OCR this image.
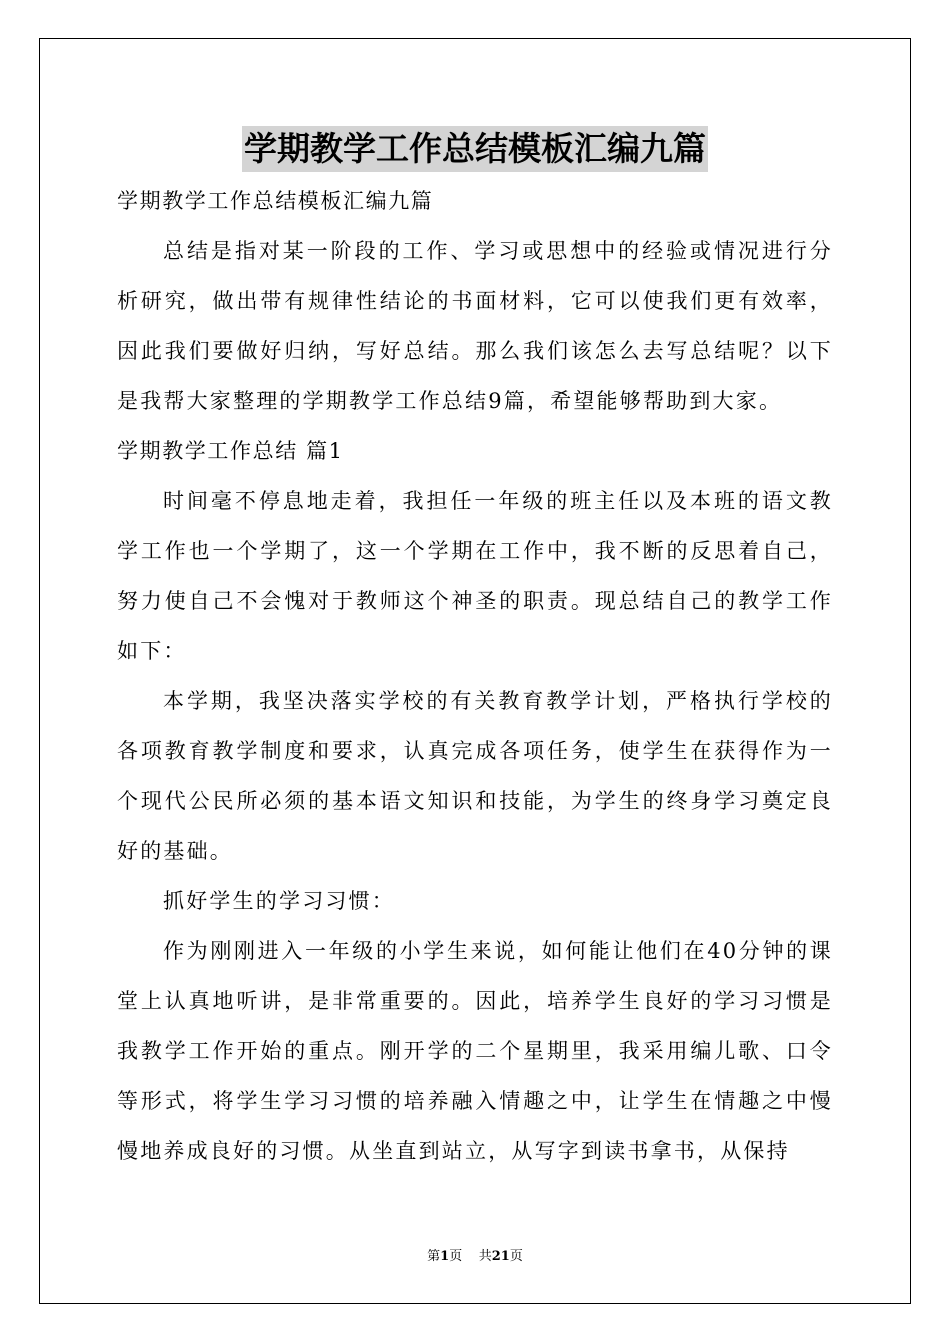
学期教学工作总结模板汇编九篇

学期教学工作总结模板汇编九篇

总结是指对某一阶段的工作、学习或思想中的经验或情况进行分析研究，做出带有规律性结论的书面材料，它可以使我们更有效率，因此我们要做好归纳，写好总结。那么我们该怎么去写总结呢？以下是我帮大家整理的学期教学工作总结9篇，希望能够帮助到大家。

学期教学工作总结 篇1

时间毫不停息地走着，我担任一年级的班主任以及本班的语文教学工作也一个学期了，这一个学期在工作中，我不断的反思着自己，努力使自己不会愧对于教师这个神圣的职责。现总结自己的教学工作如下：

本学期，我坚决落实学校的有关教育教学计划，严格执行学校的各项教育教学制度和要求，认真完成各项任务，使学生在获得作为一个现代公民所必须的基本语文知识和技能，为学生的终身学习奠定良好的基础。

抓好学生的学习习惯：

作为刚刚进入一年级的小学生来说，如何能让他们在40分钟的课堂上认真地听讲，是非常重要的。因此，培养学生良好的学习习惯是我教学工作开始的重点。刚开学的二个星期里，我采用编儿歌、口令等形式，将学生学习习惯的培养融入情趣之中，让学生在情趣之中慢慢地养成良好的习惯。从坐直到站立，从写字到读书拿书，从保持

第1页 共21页
